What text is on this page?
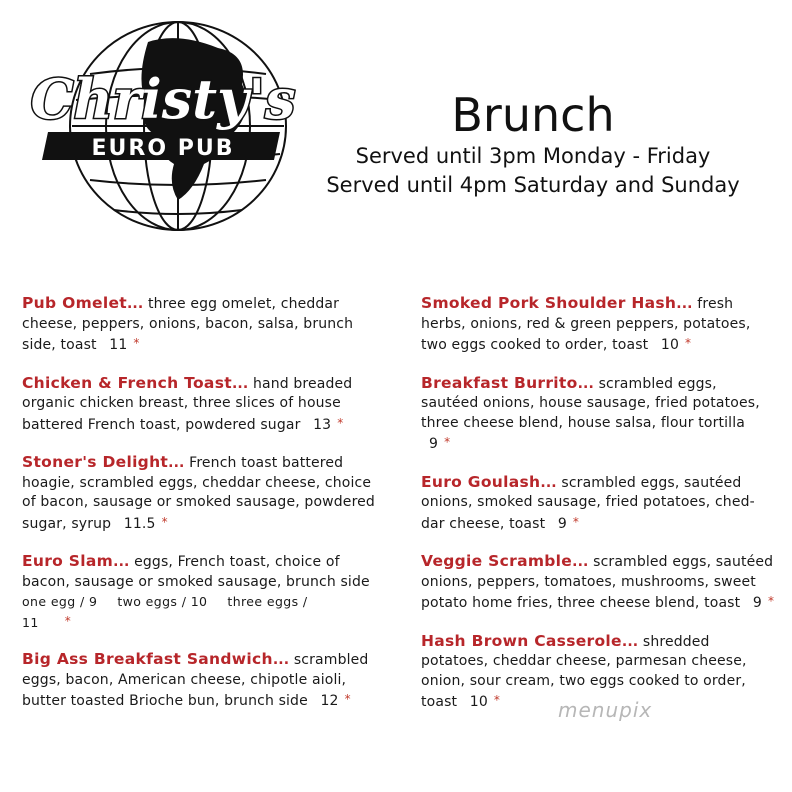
EURO PUB
Christy's	Brunch
Served until 3pm Monday - Friday
Served until 4pm Saturday and Sunday
Pub Omelet... three egg omelet, cheddar cheese, peppers, onions, bacon, salsa, brunch side, toast 11 *
Chicken & French Toast... hand breaded organic chicken breast, three slices of house battered French toast, powdered sugar 13 *
Stoner's Delight... French toast battered hoagie, scrambled eggs, cheddar cheese, choice of bacon, sausage or smoked sausage, powdered sugar, syrup 11.5 *
Euro Slam... eggs, French toast, choice of bacon, sausage or smoked sausage, brunch side
one egg / 9 two eggs / 10 three eggs / 11 *
Big Ass Breakfast Sandwich... scrambled eggs, bacon, American cheese, chipotle aioli, butter toasted Brioche bun, brunch side 12 *
Smoked Pork Shoulder Hash... fresh herbs, onions, red & green peppers, potatoes, two eggs cooked to order, toast 10 *
Breakfast Burrito... scrambled eggs, sautéed onions, house sausage, fried potatoes, three cheese blend, house salsa, flour tortilla 9 *
Euro Goulash... scrambled eggs, sautéed onions, smoked sausage, fried potatoes, ched-dar cheese, toast 9 *
Veggie Scramble... scrambled eggs, sautéed onions, peppers, tomatoes, mushrooms, sweet potato home fries, three cheese blend, toast 9 *
Hash Brown Casserole... shredded potatoes, cheddar cheese, parmesan cheese, onion, sour cream, two eggs cooked to order, toast 10 *	menupix
